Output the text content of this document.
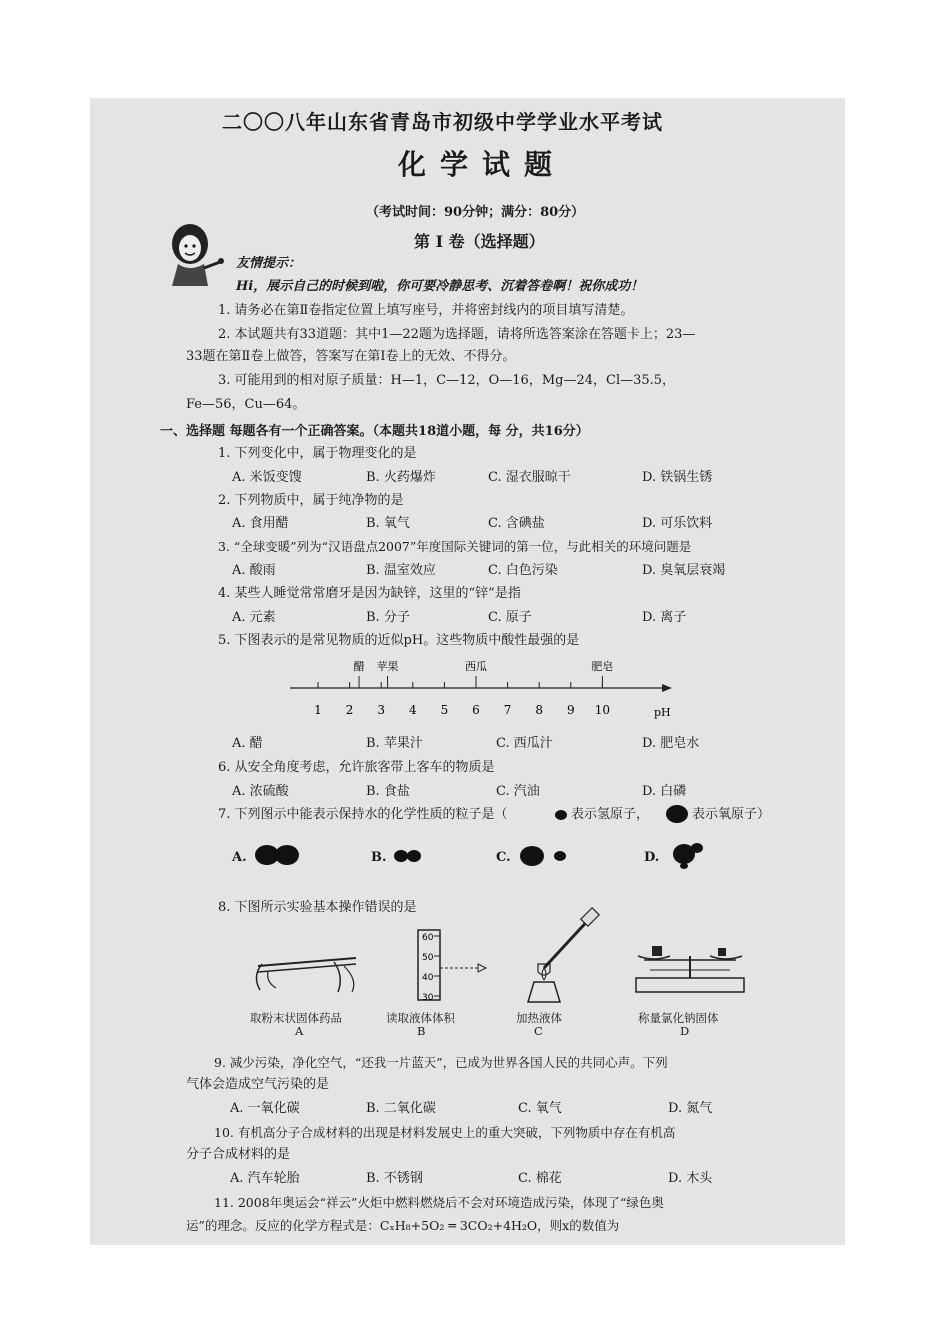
二〇〇八年山东省青岛市初级中学学业水平考试
化学试题
（考试时间：90分钟；满分：80分）
第 Ⅰ 卷（选择题）
友情提示：
Hi，展示自己的时候到啦，你可要冷静思考、沉着答卷啊！祝你成功！
1. 请务必在第Ⅱ卷指定位置上填写座号，并将密封线内的项目填写清楚。
2. 本试题共有33道题：其中1—22题为选择题，请将所选答案涂在答题卡上；23—
33题在第Ⅱ卷上做答，答案写在第Ⅰ卷上的无效、不得分。
3. 可能用到的相对原子质量：H—1，C—12，O—16，Mg—24，Cl—35.5，
Fe—56，Cu—64。
一、选择题 每题各有一个正确答案。（本题共18道小题，每 分，共16分）
1. 下列变化中，属于物理变化的是
A. 米饭变馊	B. 火药爆炸	C. 湿衣服晾干	D. 铁锅生锈
2. 下列物质中，属于纯净物的是
A. 食用醋	B. 氧气	C. 含碘盐	D. 可乐饮料
3. “全球变暖”列为“汉语盘点2007”年度国际关键词的第一位，与此相关的环境问题是
A. 酸雨	B. 温室效应	C. 白色污染	D. 臭氧层衰竭
4. 某些人睡觉常常磨牙是因为缺锌，这里的“锌”是指
A. 元素	B. 分子	C. 原子	D. 离子
5. 下图表示的是常见物质的近似pH。这些物质中酸性最强的是
1 2 3 4 5 6 7 8 9 10	pH
醋 苹果	西瓜	肥皂
A. 醋	B. 苹果汁	C. 西瓜汁	D. 肥皂水
6. 从安全角度考虑，允许旅客带上客车的物质是
A. 浓硫酸	B. 食盐	C. 汽油	D. 白磷
7. 下列图示中能表示保持水的化学性质的粒子是（	表示氢原子，	表示氧原子）
A.	B.	C.	D.
8. 下图所示实验基本操作错误的是
60
50
40
30
取粉末状固体药品
A
读取液体体积
B
加热液体
C
称量氯化钠固体
D
9. 减少污染，净化空气，“还我一片蓝天”，已成为世界各国人民的共同心声。下列
气体会造成空气污染的是
A. 一氧化碳	B. 二氧化碳	C. 氧气	D. 氮气
10. 有机高分子合成材料的出现是材料发展史上的重大突破，下列物质中存在有机高
分子合成材料的是
A. 汽车轮胎	B. 不锈钢	C. 棉花	D. 木头
11. 2008年奥运会“祥云”火炬中燃料燃烧后不会对环境造成污染，体现了“绿色奥
运”的理念。反应的化学方程式是：CₓH₈+5O₂ ═ 3CO₂+4H₂O，则x的数值为
